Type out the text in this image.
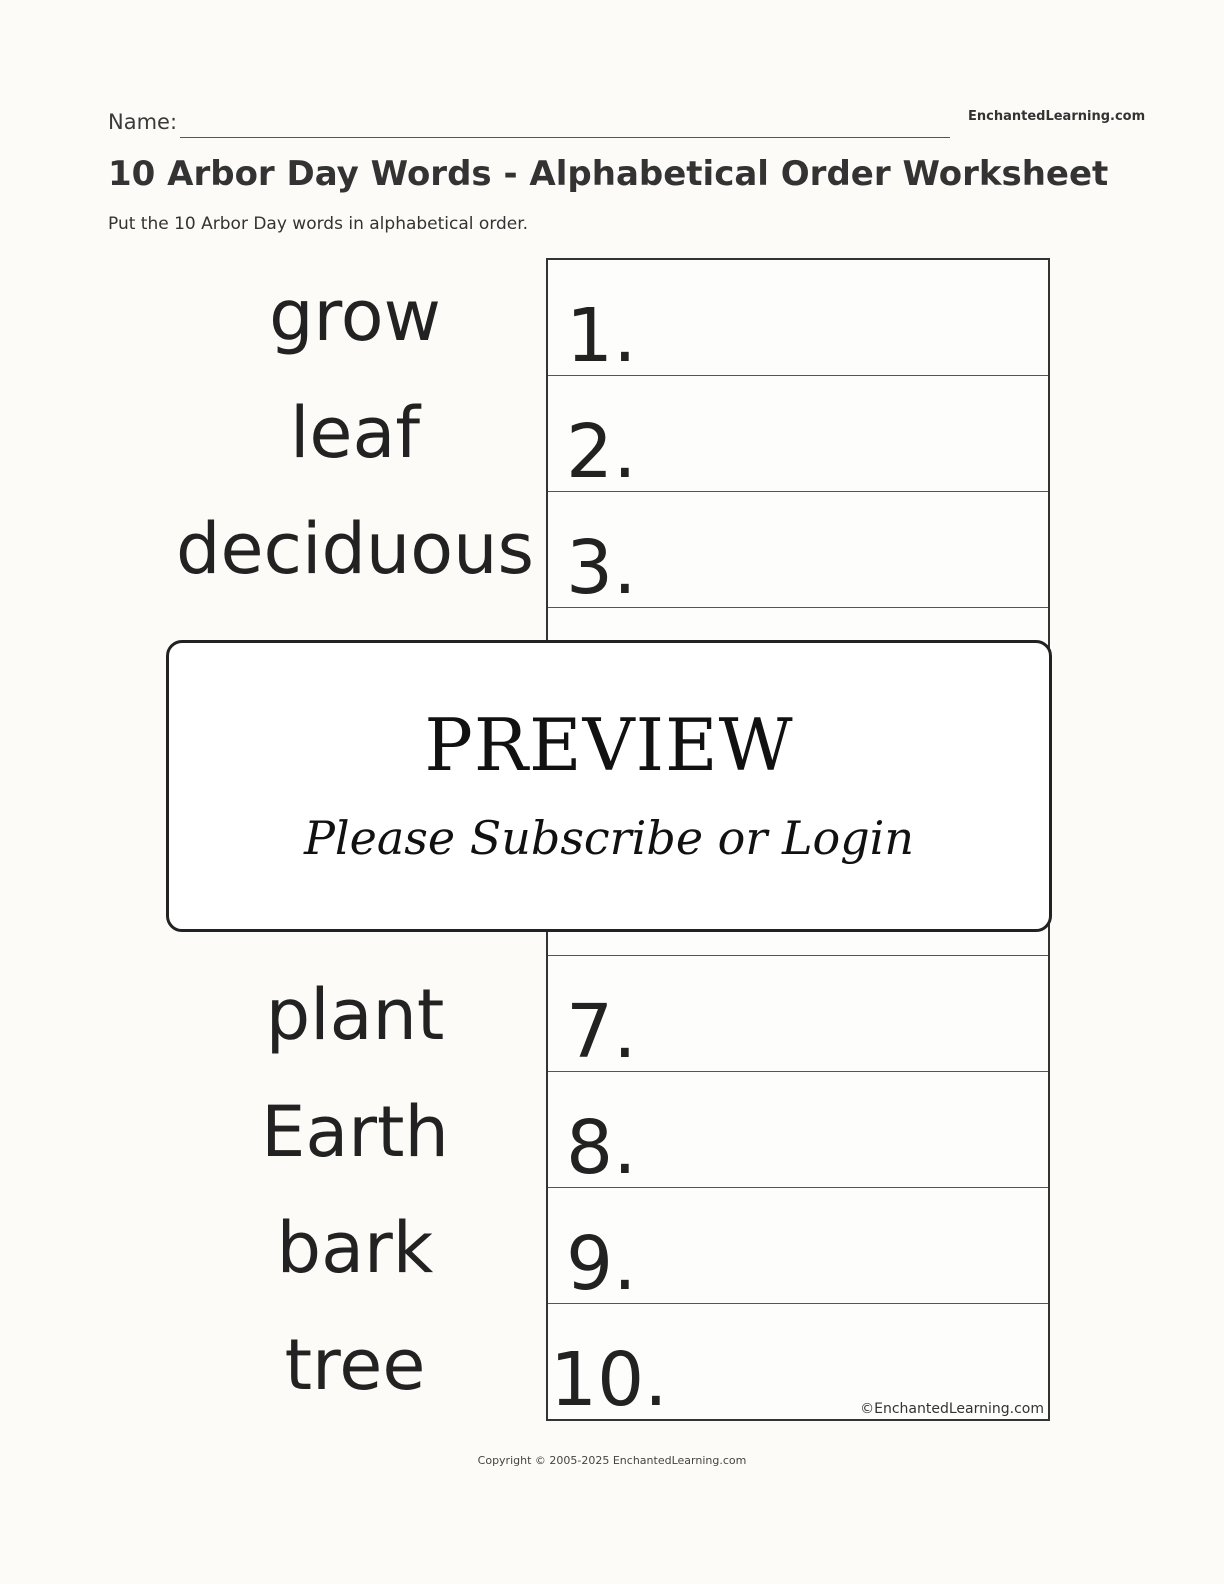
Name:	EnchantedLearning.com
10 Arbor Day Words - Alphabetical Order Worksheet
Put the 10 Arbor Day words in alphabetical order.
grow
leaf
deciduous
plant
Earth
bark
tree
1.
2.
3.
7.
8.
9.
10.	©EnchantedLearning.com
PREVIEW
Please Subscribe or Login
Copyright © 2005-2025 EnchantedLearning.com
